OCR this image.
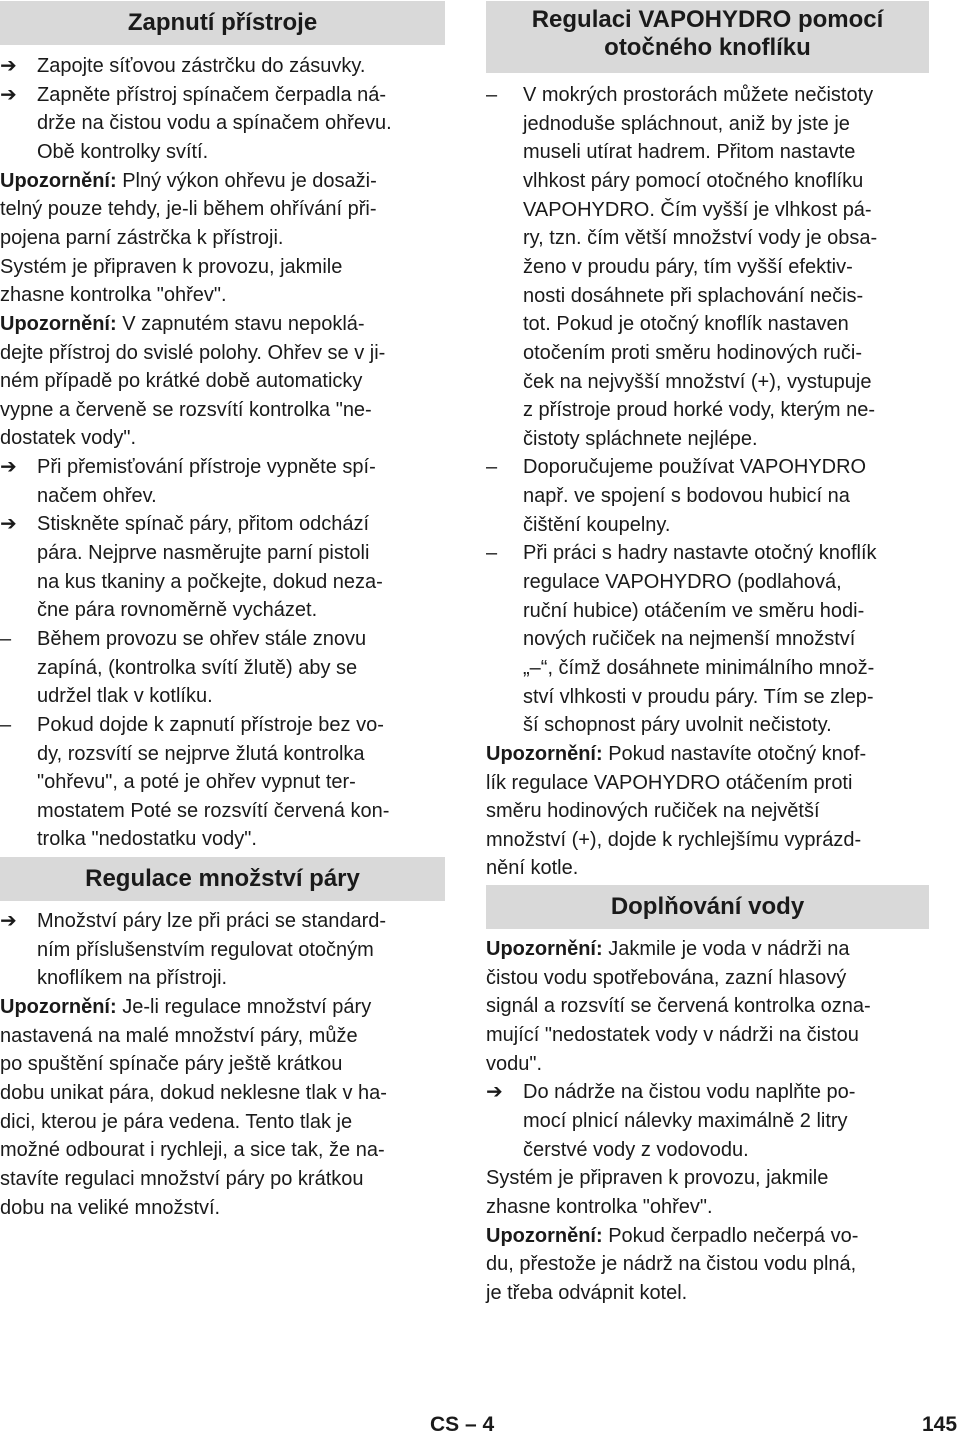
Zapnutí přístroje
➔ Zapojte síťovou zástrčku do zásuvky.
➔ Zapněte přístroj spínačem čerpadla ná-
drže na čistou vodu a spínačem ohřevu.
Obě kontrolky svítí.
Upozornění: Plný výkon ohřevu je dosaži-
telný pouze tehdy, je-li během ohřívání při-
pojena parní zástrčka k přístroji.
Systém je připraven k provozu, jakmile
zhasne kontrolka "ohřev".
Upozornění: V zapnutém stavu nepoklá-
dejte přístroj do svislé polohy. Ohřev se v ji-
ném případě po krátké době automaticky
vypne a červeně se rozsvítí kontrolka "ne-
dostatek vody".
➔ Při přemisťování přístroje vypněte spí-
načem ohřev.
➔ Stiskněte spínač páry, přitom odchází
pára. Nejprve nasměrujte parní pistoli
na kus tkaniny a počkejte, dokud neza-
čne pára rovnoměrně vycházet.
– Během provozu se ohřev stále znovu
zapíná, (kontrolka svítí žlutě) aby se
udržel tlak v kotlíku.
– Pokud dojde k zapnutí přístroje bez vo-
dy, rozsvítí se nejprve žlutá kontrolka
"ohřevu", a poté je ohřev vypnut ter-
mostatem Poté se rozsvítí červená kon-
trolka "nedostatku vody".
Regulace množství páry
➔ Množství páry lze při práci se standard-
ním příslušenstvím regulovat otočným
knoflíkem na přístroji.
Upozornění: Je-li regulace množství páry
nastavená na malé množství páry, může
po spuštění spínače páry ještě krátkou
dobu unikat pára, dokud neklesne tlak v ha-
dici, kterou je pára vedena. Tento tlak je
možné odbourat i rychleji, a sice tak, že na-
stavíte regulaci množství páry po krátkou
dobu na veliké množství.
Regulaci VAPOHYDRO pomocí
otočného knoflíku
– V mokrých prostorách můžete nečistoty
jednoduše spláchnout, aniž by jste je
museli utírat hadrem. Přitom nastavte
vlhkost páry pomocí otočného knoflíku
VAPOHYDRO. Čím vyšší je vlhkost pá-
ry, tzn. čím větší množství vody je obsa-
ženo v proudu páry, tím vyšší efektiv-
nosti dosáhnete při splachování nečis-
tot. Pokud je otočný knoflík nastaven
otočením proti směru hodinových ruči-
ček na nejvyšší množství (+), vystupuje
z přístroje proud horké vody, kterým ne-
čistoty spláchnete nejlépe.
– Doporučujeme používat VAPOHYDRO
např. ve spojení s bodovou hubicí na
čištění koupelny.
– Při práci s hadry nastavte otočný knoflík
regulace VAPOHYDRO (podlahová,
ruční hubice) otáčením ve směru hodi-
nových ručiček na nejmenší množství
„–“, čímž dosáhnete minimálního množ-
ství vlhkosti v proudu páry. Tím se zlep-
ší schopnost páry uvolnit nečistoty.
Upozornění: Pokud nastavíte otočný knof-
lík regulace VAPOHYDRO otáčením proti
směru hodinových ručiček na největší
množství (+), dojde k rychlejšímu vyprázd-
nění kotle.
Doplňování vody
Upozornění: Jakmile je voda v nádrži na
čistou vodu spotřebována, zazní hlasový
signál a rozsvítí se červená kontrolka ozna-
mující "nedostatek vody v nádrži na čistou
vodu".
➔ Do nádrže na čistou vodu naplňte po-
mocí plnicí nálevky maximálně 2 litry
čerstvé vody z vodovodu.
Systém je připraven k provozu, jakmile
zhasne kontrolka "ohřev".
Upozornění: Pokud čerpadlo nečerpá vo-
du, přestože je nádrž na čistou vodu plná,
je třeba odvápnit kotel.
CS – 4	145
